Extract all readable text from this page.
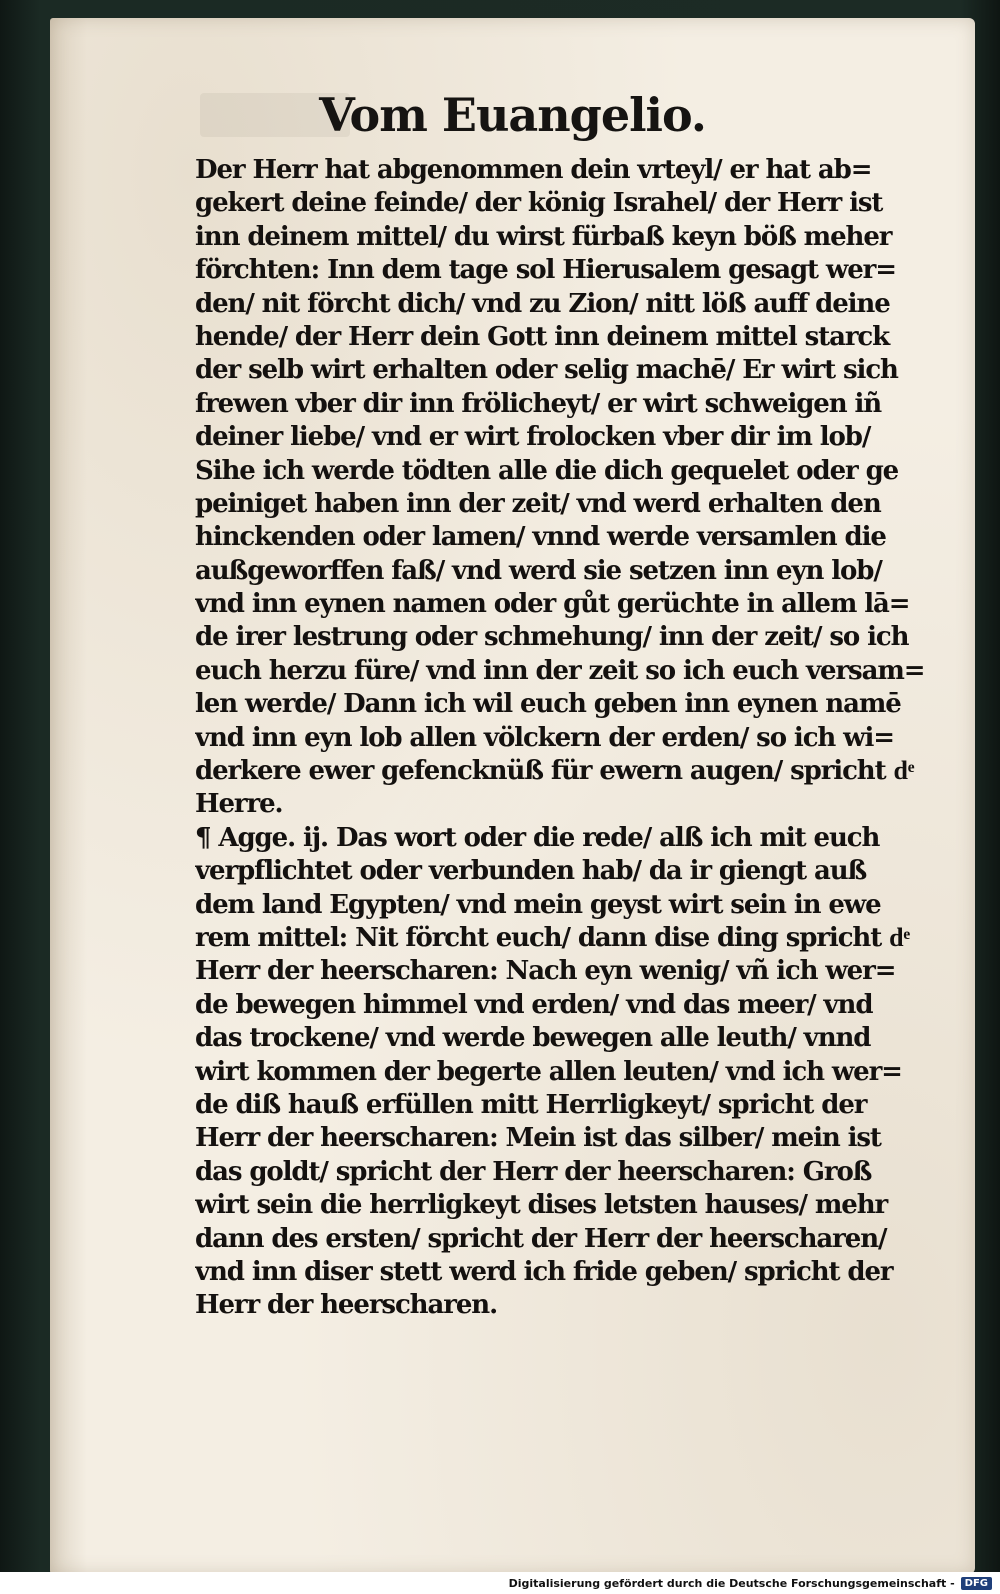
Vom Euangelio.
Der Herr hat abgenommen dein vrteyl/ er hat ab=
gekert deine feinde/ der könig Israhel/ der Herr ist
inn deinem mittel/ du wirst fürbaß keyn böß meher
förchten: Inn dem tage sol Hierusalem gesagt wer=
den/ nit förcht dich/ vnd zu Zion/ nitt löß auff deine
hende/ der Herr dein Gott inn deinem mittel starck
der selb wirt erhalten oder selig machē/ Er wirt sich
frewen vber dir inn frölicheyt/ er wirt schweigen iñ
deiner liebe/ vnd er wirt frolocken vber dir im lob/
Sihe ich werde tödten alle die dich gequelet oder ge
peiniget haben inn der zeit/ vnd werd erhalten den
hinckenden oder lamen/ vnnd werde versamlen die
außgeworffen faß/ vnd werd sie setzen inn eyn lob/
vnd inn eynen namen oder gůt gerüchte in allem lā=
de irer lestrung oder schmehung/ inn der zeit/ so ich
euch herzu füre/ vnd inn der zeit so ich euch versam=
len werde/ Dann ich wil euch geben inn eynen namē
vnd inn eyn lob allen völckern der erden/ so ich wi=
derkere ewer gefencknüß für ewern augen/ spricht dͤ
Herre.
¶ Agge. ij. Das wort oder die rede/ alß ich mit euch
verpflichtet oder verbunden hab/ da ir giengt auß
dem land Egypten/ vnd mein geyst wirt sein in ewe
rem mittel: Nit förcht euch/ dann dise ding spricht dͤ
Herr der heerscharen: Nach eyn wenig/ vñ ich wer=
de bewegen himmel vnd erden/ vnd das meer/ vnd
das trockene/ vnd werde bewegen alle leuth/ vnnd
wirt kommen der begerte allen leuten/ vnd ich wer=
de diß hauß erfüllen mitt Herrligkeyt/ spricht der
Herr der heerscharen: Mein ist das silber/ mein ist
das goldt/ spricht der Herr der heerscharen: Groß
wirt sein die herrligkeyt dises letsten hauses/ mehr
dann des ersten/ spricht der Herr der heerscharen/
vnd inn diser stett werd ich fride geben/ spricht der
Herr der heerscharen.
Digitalisierung gefördert durch die Deutsche Forschungsgemeinschaft -	DFG
